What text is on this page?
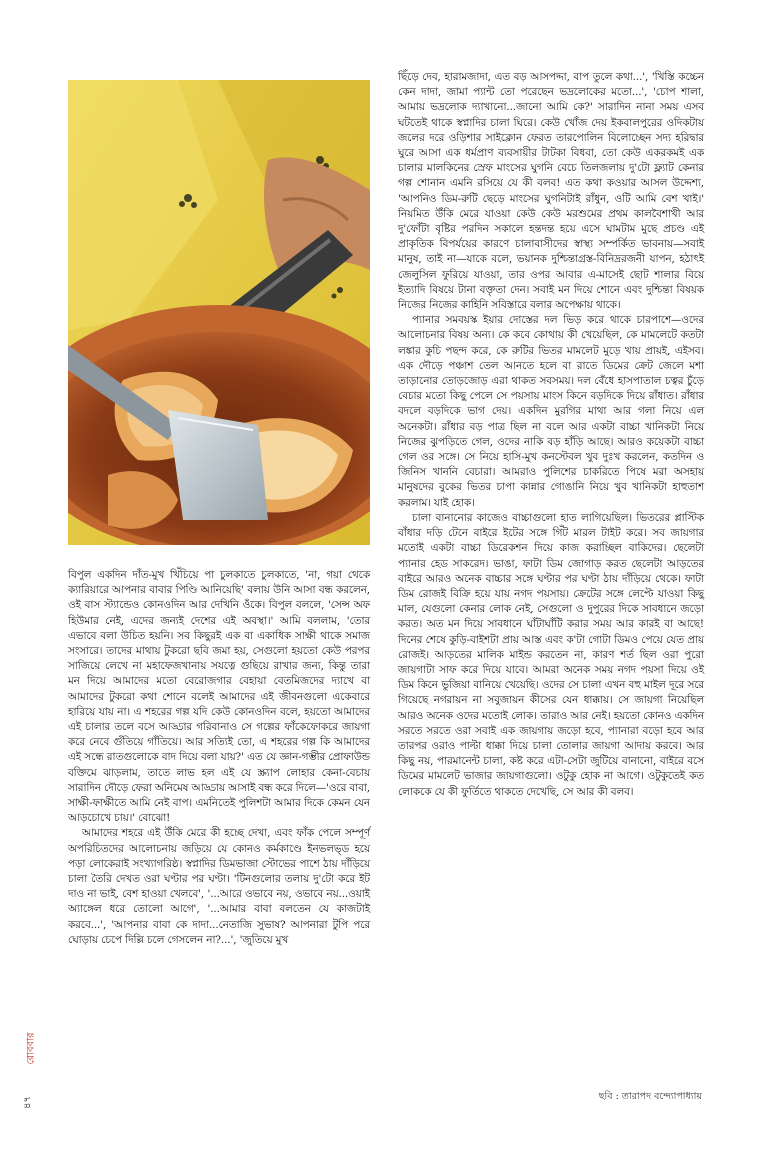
বিপুল একদিন দাঁত-মুখ খিঁচিয়ে পা চুলকাতে চুলকাতে, 'না, গয়া থেকে ক্যারিয়ারে আপনার বাবার পিণ্ডি আনিয়েছি' বলায় উনি আসা বন্ধ করলেন, ওই বাস স্ট্যান্ডেও কোনওদিন আর দেখিনি ওঁকে। বিপুল বললে, 'সেন্স অফ হিউমার নেই, এদের জন্যই দেশের এই অবস্থা।' আমি বললাম, 'তোর এভাবে বলা উচিত হয়নি। সব কিছুরই এক বা একাধিক সাক্ষী থাকে সমাজ সংসারে। তাদের মাথায় টুকরো ছবি জমা হয়, সেগুলো হয়তো কেউ পরপর সাজিয়ে লেখে না মহাফেজখানায় সযত্নে গুছিয়ে রাখার জন্য, কিন্তু তারা মন দিয়ে আমাদের মতো বেরোজগার বেহায়া বেতমিজদের দ্যাখে বা আমাদের টুকরো কথা শোনে বলেই আমাদের এই জীবনগুলো একেবারে হারিয়ে যায় না। এ শহরের গল্প যদি কেউ কোনওদিন বলে, হয়তো আমাদের এই চালার তলে বসে আড্ডার গরিবানাও সে গল্পের ফাঁকেফোকরে জায়গা করে নেবে গুঁতিয়ে গাঁতিয়ে। আর সত্যিই তো, এ শহরের গল্প কি আমাদের এই সন্ধে রাতগুলোকে বাদ দিয়ে বলা যায়?' এত যে জ্ঞান-গম্ভীর প্রোফাউন্ড বক্তিমে ঝাড়লাম, তাতে লাভ হল এই যে স্ক্র্যাপ লোহার কেনা-বেচায় সারাদিন দৌড়ে ফেরা অনিমেষ আড্ডায় আসাই বন্ধ করে দিলে—'ওরে বাবা, সাক্ষী-ফাক্ষীতে আমি নেই বাপ। এমনিতেই পুলিশটা আমার দিকে কেমন যেন আড়চোখে চায়।' বোঝো!

আমাদের শহরে এই উঁকি মেরে কী হচ্ছে দেখা, এবং ফাঁক পেলে সম্পূর্ণ অপরিচিতদের আলোচনায় জড়িয়ে যে কোনও কর্মকাণ্ডে ইনভলভ্‌ড হয়ে পড়া লোকেরাই সংখ্যাগরিষ্ঠ। স্বপ্নাদির ডিমভাজা স্টোভের পাশে ঠায় দাঁড়িয়ে চালা তৈরি দেখত ওরা ঘণ্টার পর ঘণ্টা। 'টিনগুলোর তলায় দু'টো করে ইট দাও না ভাই, বেশ হাওয়া খেলবে', '...আরে ওভাবে নয়, ওভাবে নয়...ওয়াই অ্যাঙ্গেল ধরে তোলো আগে', '...আমার বাবা বলতেন যে কাজটাই করবে...', 'আপনার বাবা কে দাদা...নেতাজি সুভাষ? আপনারা টুপি পরে ঘোড়ায় চেপে দিল্লি চলে গেসলেন না?...', 'জুতিয়ে মুখ

ছিঁড়ে দেব, হারামজাদা, এত বড় আসপদ্দা, বাপ তুলে কথা...', 'খিস্তি কচ্চেন কেন দাদা, জামা প্যান্ট তো পরেছেন ভদ্রলোকের মতো...', 'চোপ শালা, আমায় ভদ্রলোক দ্যাখানো...জানো আমি কে?' সারাদিন নানা সময় এসব ঘটতেই থাকে স্বপ্নাদির চালা ঘিরে। কেউ খোঁজ দেয় ইকবালপুরের ওদিকটায় জলের দরে ওড়িশার সাইক্লোন ফেরত তারপোলিন বিলোচ্ছেন সদ্য হরিদ্বার ঘুরে আসা এক ধর্মপ্রাণ ব্যবসায়ীর টাটকা বিধবা, তো কেউ একরকমই এক চালার মালকিনের স্রেফ মাংসের ঘুগনি বেচে তিলজলায় দু'টো ফ্ল্যাট কেনার গল্প শোনান এমনি রসিয়ে যে কী বলব! এত কথা কওয়ার আসল উদ্দেশ্য, 'আপনিও ডিম-রুটি ছেড়ে মাংসের ঘুগনিটাই রাঁধুন, ওটি আমি বেশ খাই।' নিয়মিত উঁকি মেরে যাওয়া কেউ কেউ মরশুমের প্রথম কালবৈশাখী আর দু'ফোঁটা বৃষ্টির পরদিন সকালে হন্তদন্ত হয়ে এসে ঘামটাম মুছে প্রচণ্ড এই প্রাকৃতিক বিপর্যয়ের কারণে চালাবাসীদের স্বাস্থ্য সম্পর্কিত ভাবনায়—সবাই মানুষ, তাই না—যাকে বলে, ভয়ানক দুশ্চিন্তাগ্রস্ত-বিনিদ্ররজনী যাপন, হঠাৎই জেলুসিল ফুরিয়ে যাওয়া, তার ওপর আবার এ-মাসেই ছোট শালার বিয়ে ইত্যাদি বিষয়ে টানা বক্তৃতা দেন। সবাই মন দিয়ে শোনে এবং দুশ্চিন্তা বিষয়ক নিজের নিজের কাহিনি সবিস্তারে বলার অপেক্ষায় থাকে।

প্যানার সমবয়স্ক ইয়ার দোস্তের দল ভিড় করে থাকে চারপাশে—ওদের আলোচনার বিষয় অন্য। কে কবে কোথায় কী খেয়েছিল, কে মামলেটে কতটা লঙ্কার কুচি পছন্দ করে, কে রুটির ভিতর মামলেট মুড়ে খায় প্রায়ই, এইসব। এক দৌড়ে পঞ্চাশ তেল আনতে হলে বা রাতে ডিমের ক্রেট জেলে মশা তাড়ানোর তোড়জোড় এরা থাকত সবসময়। দল বেঁধে হাসপাতাল চত্বর চুঁড়ে বেচার মতো কিছু পেলে সে পয়সায় মাংস কিনে বড়দিকে দিয়ে রাঁধাত। রাঁধার বদলে বড়দিকে ভাগ দেয়। একদিন মুরগির মাথা আর গলা নিয়ে এল অনেকটা। রাঁধার বড় পাত্র ছিল না বলে আর একটা বাচ্চা খানিকটা নিয়ে নিজের ঝুপড়িতে গেল, ওদের নাকি বড় হাঁড়ি আছে। আরও কয়েকটা বাচ্চা গেল ওর সঙ্গে। সে নিয়ে হাসি-মুখ কনস্টেবল খুব দুঃখ করলেন, কতদিন ও জিনিস খাননি বেচারা। আমরাও পুলিশের চাকরিতে পিষে মরা অসহায় মানুষদের বুকের ভিতর চাপা কান্নার গোঙানি নিয়ে খুব খানিকটা হাহুতাশ করলাম। যাই হোক।

চালা বানানোর কাজেও বাচ্চাগুলো হাত লাগিয়েছিল। ভিতরের প্লাস্টিক বাঁধার দড়ি টেনে বাইরে ইটের সঙ্গে গিঁট মারল টাইট করে। সব জায়গার মতোই একটা বাচ্চা ডিরেকশন দিয়ে কাজ করাচ্ছিল বাকিদের। ছেলেটা প্যানার হেড সাকরেদ। ভাঙা, ফাটা ডিম জোগাড় করত ছেলেটা আড়তের বাইরে আরও অনেক বাচ্চার সঙ্গে ঘণ্টার পর ঘণ্টা ঠায় দাঁড়িয়ে থেকে। ফাটা ডিম রোজই বিক্রি হয়ে যায় নগদ পয়সায়। ক্রেটের সঙ্গে লেপ্টে যাওয়া কিছু মাল, যেগুলো কেনার লোক নেই, সেগুলো ও দুপুরের দিকে সাবধানে জড়ো করত। অত মন দিয়ে সাবধানে ঘাঁটাঘাঁটি করার সময় আর কারই বা আছে! দিনের শেষে কুড়ি-বাইশটা প্রায় আস্ত এবং ক'টা গোটা ডিমও পেয়ে যেত প্রায় রোজই। আড়তের মালিক মাইন্ড করতেন না, কারণ শর্ত ছিল ওরা পুরো জায়গাটা সাফ করে দিয়ে যাবে। আমরা অনেক সময় নগদ পয়সা দিয়ে ওই ডিম কিনে ভুজিয়া বানিয়ে খেয়েছি। ওদের সে চালা এখন বহু মাইল দূরে সরে গিয়েছে নগরায়ন না সবুজায়ন কীসের যেন ধাক্কায়। সে জায়গা নিয়েছিল আরও অনেক ওদের মতোই লোক। তারাও আর নেই। হয়তো কোনও একদিন সরতে সরতে ওরা সবাই এক জায়গায় জড়ো হবে, প্যানারা বড়ো হবে আর তারপর ওরাও পাল্টা ধাক্কা দিয়ে চালা তোলার জায়গা আদায় করবে। আর কিছু নয়, পারমানেন্ট চালা, কষ্ট করে এটা-সেটা জুটিয়ে বানানো, বাইরে বসে ডিমের মামলেট ভাজার জায়গাগুলো। ওটুকু হোক না আগে। ওটুকুতেই কত লোককে যে কী ফুর্তিতে থাকতে দেখেছি, সে আর কী বলব।

ছবি : তারাপদ বন্দ্যোপাধ্যায়
৪৭
রোববার
